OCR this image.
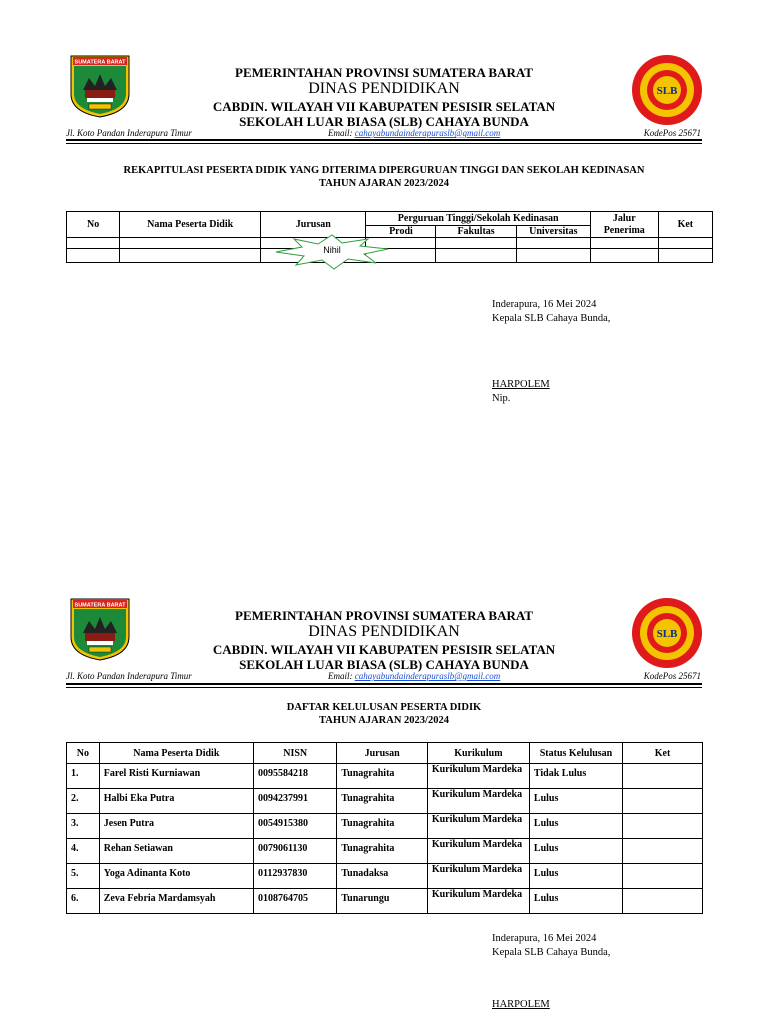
SUMATERA BARAT
SLB
PEMERINTAHAN PROVINSI SUMATERA BARAT
DINAS PENDIDIKAN
CABDIN. WILAYAH VII KABUPATEN PESISIR SELATAN
SEKOLAH LUAR BIASA (SLB) CAHAYA BUNDA
Jl. Koto Pandan Inderapura Timur	Email: cahayabundainderapuraslb@gmail.com	KodePos 25671
REKAPITULASI PESERTA DIDIK YANG DITERIMA DIPERGURUAN TINGGI DAN SEKOLAH KEDINASAN
TAHUN AJARAN 2023/2024
No	Nama Peserta Didik	Jurusan	Perguruan Tinggi/Sekolah Kedinasan			Jalur Penerima	Ket
			Prodi	Fakultas	Universitas		

Nihil
Inderapura, 16 Mei 2024
Kepala SLB Cahaya Bunda,
HARPOLEM
Nip.
SUMATERA BARAT
SLB
PEMERINTAHAN PROVINSI SUMATERA BARAT
DINAS PENDIDIKAN
CABDIN. WILAYAH VII KABUPATEN PESISIR SELATAN
SEKOLAH LUAR BIASA (SLB) CAHAYA BUNDA
Jl. Koto Pandan Inderapura Timur	Email: cahayabundainderapuraslb@gmail.com	KodePos 25671
DAFTAR KELULUSAN PESERTA DIDIK
TAHUN AJARAN 2023/2024
No	Nama Peserta Didik	NISN	Jurusan	Kurikulum	Status Kelulusan	Ket
1.	Farel Risti Kurniawan	0095584218	Tunagrahita	Kurikulum Mardeka	Tidak Lulus	
2.	Halbi Eka Putra	0094237991	Tunagrahita	Kurikulum Mardeka	Lulus	
3.	Jesen Putra	0054915380	Tunagrahita	Kurikulum Mardeka	Lulus	
4.	Rehan Setiawan	0079061130	Tunagrahita	Kurikulum Mardeka	Lulus	
5.	Yoga Adinanta Koto	0112937830	Tunadaksa	Kurikulum Mardeka	Lulus	
6.	Zeva Febria Mardamsyah	0108764705	Tunarungu	Kurikulum Mardeka	Lulus	
Inderapura, 16 Mei 2024
Kepala SLB Cahaya Bunda,
HARPOLEM
